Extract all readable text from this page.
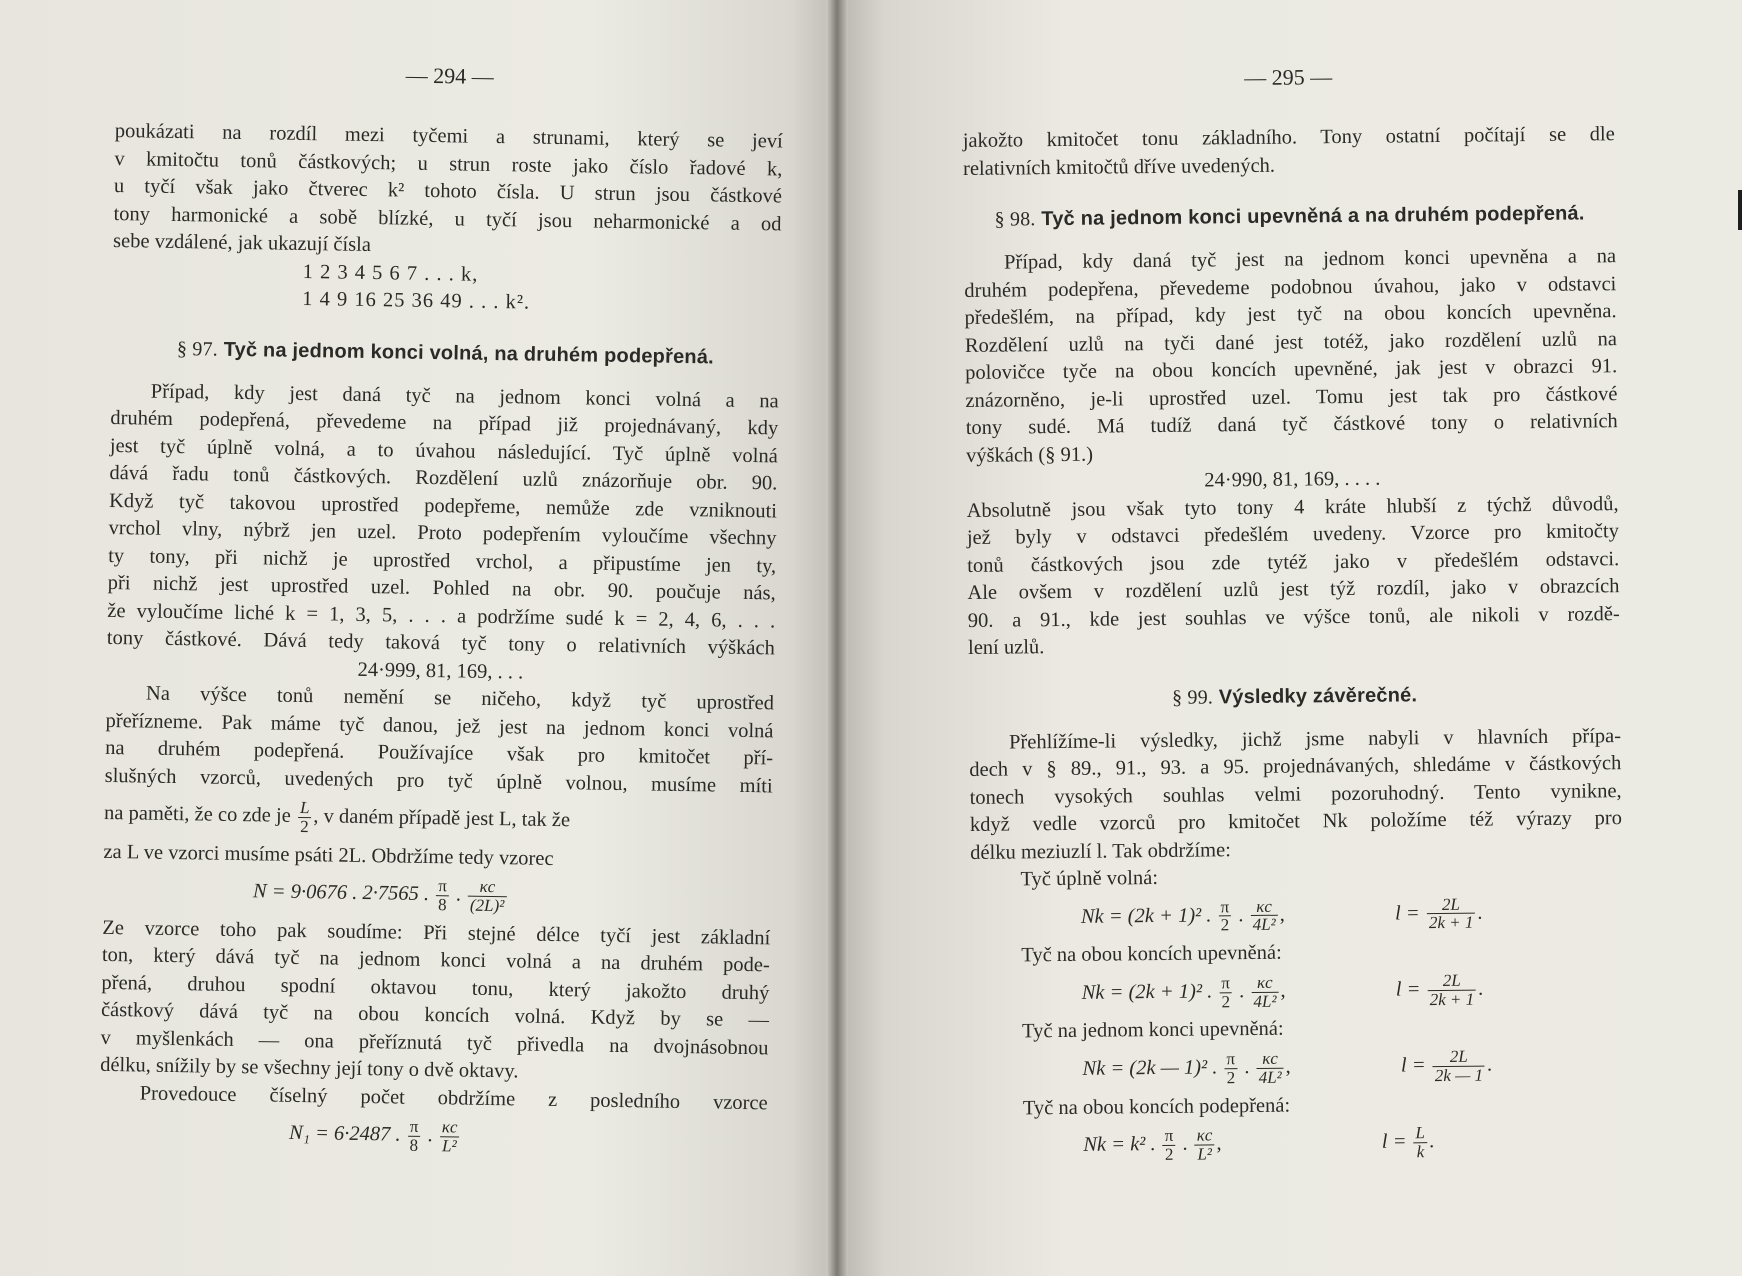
— 294 —

poukázati na rozdíl mezi tyčemi a strunami, který se jeví

v kmitočtu tonů částkových; u strun roste jako číslo řadové k,

u tyčí však jako čtverec k² tohoto čísla. U strun jsou částkové

tony harmonické a sobě blízké, u tyčí jsou neharmonické a od

sebe vzdálené, jak ukazují čísla

1 2 3 4 5 6 7 . . . k,

1 4 9 16 25 36 49 . . . k².

§ 97. Tyč na jednom konci volná, na druhém podepřená.

Případ, kdy jest daná tyč na jednom konci volná a na

druhém podepřená, převedeme na případ již projednávaný, kdy

jest tyč úplně volná, a to úvahou následující. Tyč úplně volná

dává řadu tonů částkových. Rozdělení uzlů znázorňuje obr. 90.

Když tyč takovou uprostřed podepřeme, nemůže zde vzniknouti

vrchol vlny, nýbrž jen uzel. Proto podepřením vyloučíme všechny

ty tony, při nichž je uprostřed vrchol, a připustíme jen ty,

při nichž jest uprostřed uzel. Pohled na obr. 90. poučuje nás,

že vyloučíme liché k = 1, 3, 5, . . . a podržíme sudé k = 2, 4, 6, . . .

tony částkové. Dává tedy taková tyč tony o relativních výškách

24·999, 81, 169, . . .

Na výšce tonů nemění se ničeho, když tyč uprostřed

přeřízneme. Pak máme tyč danou, jež jest na jednom konci volná

na druhém podepřená. Používajíce však pro kmitočet pří-

slušných vzorců, uvedených pro tyč úplně volnou, musíme míti

na paměti, že co zde je $\frac{L}{2}$ , v daném případě jest L, tak že

za L ve vzorci musíme psáti 2L. Obdržíme tedy vzorec

N = 9·0676 . 2·7565 . $\frac{\pi}{8}$ . $\frac{\kappa c}{\text{(2L)²}}$

Ze vzorce toho pak soudíme: Při stejné délce tyčí jest základní

ton, který dává tyč na jednom konci volná a na druhém pode-

přená, druhou spodní oktavou tonu, který jakožto druhý

částkový dává tyč na obou koncích volná. Když by se —

v myšlenkách — ona přeříznutá tyč přivedla na dvojnásobnou

délku, snížily by se všechny její tony o dvě oktavy.

Provedouce číselný počet obdržíme z posledního vzorce

N₁ = 6·2487 . $\frac{\pi}{8}$ . $\frac{\kappa c}{\text{L²}}$
— 295 —

jakožto kmitočet tonu základního. Tony ostatní počítají se dle

relativních kmitočtů dříve uvedených.

§ 98. Tyč na jednom konci upevněná a na druhém podepřená.

Případ, kdy daná tyč jest na jednom konci upevněna a na

druhém podepřena, převedeme podobnou úvahou, jako v odstavci

předešlém, na případ, kdy jest tyč na obou koncích upevněna.

Rozdělení uzlů na tyči dané jest totéž, jako rozdělení uzlů na

polovičce tyče na obou koncích upevněné, jak jest v obrazci 91.

znázorněno, je-li uprostřed uzel. Tomu jest tak pro částkové

tony sudé. Má tudíž daná tyč částkové tony o relativních

výškách (§ 91.)

24·990, 81, 169, . . . .

Absolutně jsou však tyto tony 4 kráte hlubší z týchž důvodů,

jež byly v odstavci předešlém uvedeny. Vzorce pro kmitočty

tonů částkových jsou zde tytéž jako v předešlém odstavci.

Ale ovšem v rozdělení uzlů jest týž rozdíl, jako v obrazcích

90. a 91., kde jest souhlas ve výšce tonů, ale nikoli v rozdě-

lení uzlů.

§ 99. Výsledky závěrečné.

Přehlížíme-li výsledky, jichž jsme nabyli v hlavních přípa-

dech v § 89., 91., 93. a 95. projednávaných, shledáme v částkových

tonech vysokých souhlas velmi pozoruhodný. Tento vynikne,

když vedle vzorců pro kmitočet Nk položíme též výrazy pro

délku meziuzlí l. Tak obdržíme:

Tyč úplně volná:

Nk = (2k + 1)² . $\frac{\pi}{2}$ . $\frac{\kappa c}{\text{4L²}}$ ,	$l = \frac{2L}{2k + 1}$ .

Tyč na obou koncích upevněná:

Nk = (2k + 1)² . $\frac{\pi}{2}$ . $\frac{\kappa c}{\text{4L²}}$ ,	$l = \frac{2L}{2k + 1}$ .

Tyč na jednom konci upevněná:

Nk = (2k — 1)² . $\frac{\pi}{2}$ . $\frac{\kappa c}{\text{4L²}}$ ,	$l = \frac{2L}{2k — 1}$ .

Tyč na obou koncích podepřená:

Nk = k² . $\frac{\pi}{2}$ . $\frac{\kappa c}{\text{L²}}$ ,	$l = \frac{L}{k}$ .
